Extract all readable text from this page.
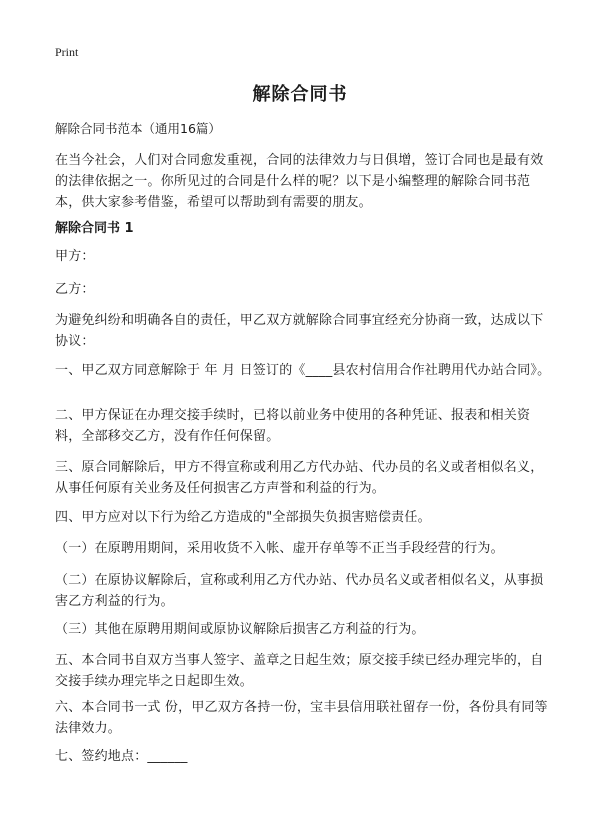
Print
解除合同书
解除合同书范本（通用16篇）
在当今社会，人们对合同愈发重视，合同的法律效力与日俱增，签订合同也是最有效的法律依据之一。你所见过的合同是什么样的呢？以下是小编整理的解除合同书范本，供大家参考借鉴，希望可以帮助到有需要的朋友。
解除合同书 1
甲方：
乙方：
为避免纠纷和明确各自的责任，甲乙双方就解除合同事宜经充分协商一致，达成以下协议：
一、甲乙双方同意解除于 年 月 日签订的《____县农村信用合作社聘用代办站合同》。
二、甲方保证在办理交接手续时，已将以前业务中使用的各种凭证、报表和相关资料，全部移交乙方，没有作任何保留。
三、原合同解除后，甲方不得宣称或利用乙方代办站、代办员的名义或者相似名义，从事任何原有关业务及任何损害乙方声誉和利益的行为。
四、甲方应对以下行为给乙方造成的"全部损失负损害赔偿责任。
（一）在原聘用期间，采用收货不入帐、虚开存单等不正当手段经营的行为。
（二）在原协议解除后，宣称或利用乙方代办站、代办员名义或者相似名义，从事损害乙方利益的行为。
（三）其他在原聘用期间或原协议解除后损害乙方利益的行为。
五、本合同书自双方当事人签字、盖章之日起生效；原交接手续已经办理完毕的，自交接手续办理完毕之日起即生效。
六、本合同书一式 份，甲乙双方各持一份，宝丰县信用联社留存一份，各份具有同等法律效力。
七、签约地点：______
